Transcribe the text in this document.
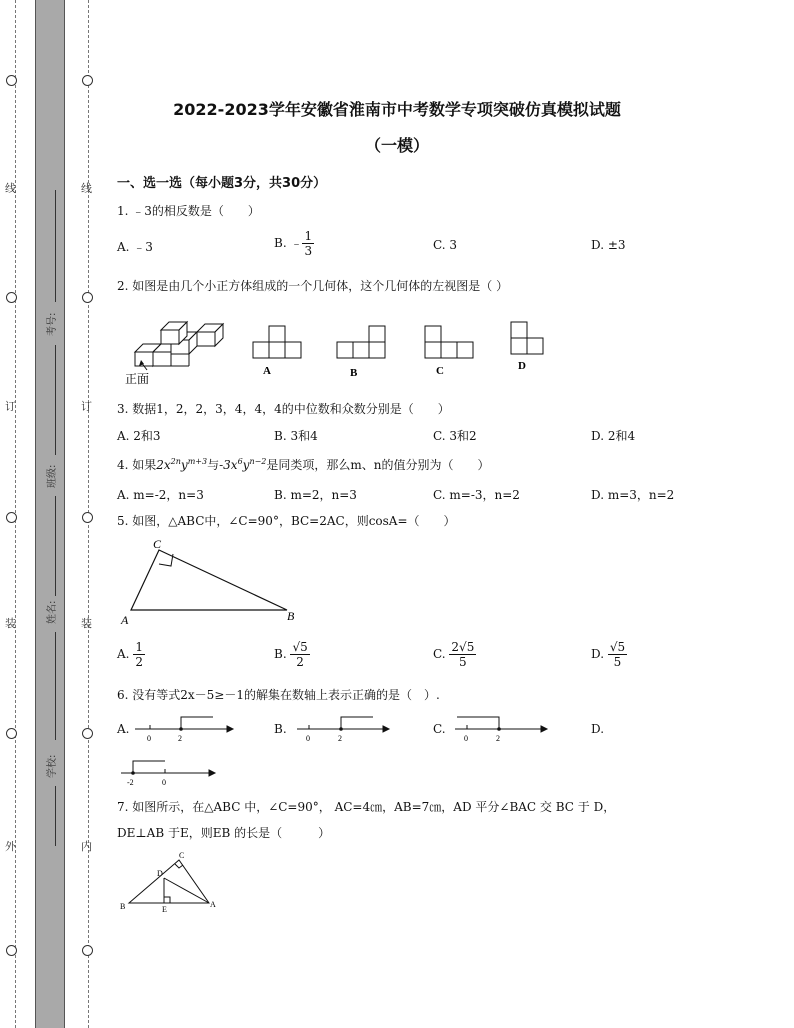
线
订
装
外
线
订
装
内
考号:
班级:
姓名:
学校:
2022-2023学年安徽省淮南市中考数学专项突破仿真模拟试题
（一模）
一、选一选（每小题3分，共30分）
1. ﹣3的相反数是（　　）
A. ﹣3	B. ﹣ $\frac{1}{3}$	C. 3	D. ±3
2. 如图是由几个小正方体组成的一个几何体，这个几何体的左视图是（ ）
正面
A	B	C	D
3. 数据1，2，2，3，4，4，4的中位数和众数分别是（　　）
A. 2和3	B. 3和4	C. 3和2	D. 2和4
4. 如果$2x^{2n}y^{m+3}$与$-3x^6y^{n-2}$是同类项，那么m、n的值分别为（　　）
A. m=-2，n=3	B. m=2，n=3	C. m=-3，n=2	D. m=3，n=2
5. 如图，△ABC中，∠C=90°，BC=2AC，则cosA=（　　）
C
A	B
A. $\frac{1}{2}$	B. $\frac{√5}{2}$	C. $\frac{2√5}{5}$	D. $\frac{√5}{5}$
6. 没有等式2x－5≥－1的解集在数轴上表示正确的是（　）.
A.	B.	C.	D.
0	2	0	2	0	2
-2	0
7. 如图所示，在△ABC 中，∠C=90°， AC=4㎝，AB=7㎝，AD 平分∠BAC 交 BC 于 D，
DE⊥AB 于E，则EB 的长是（　　　）
C
D
B	E
A
